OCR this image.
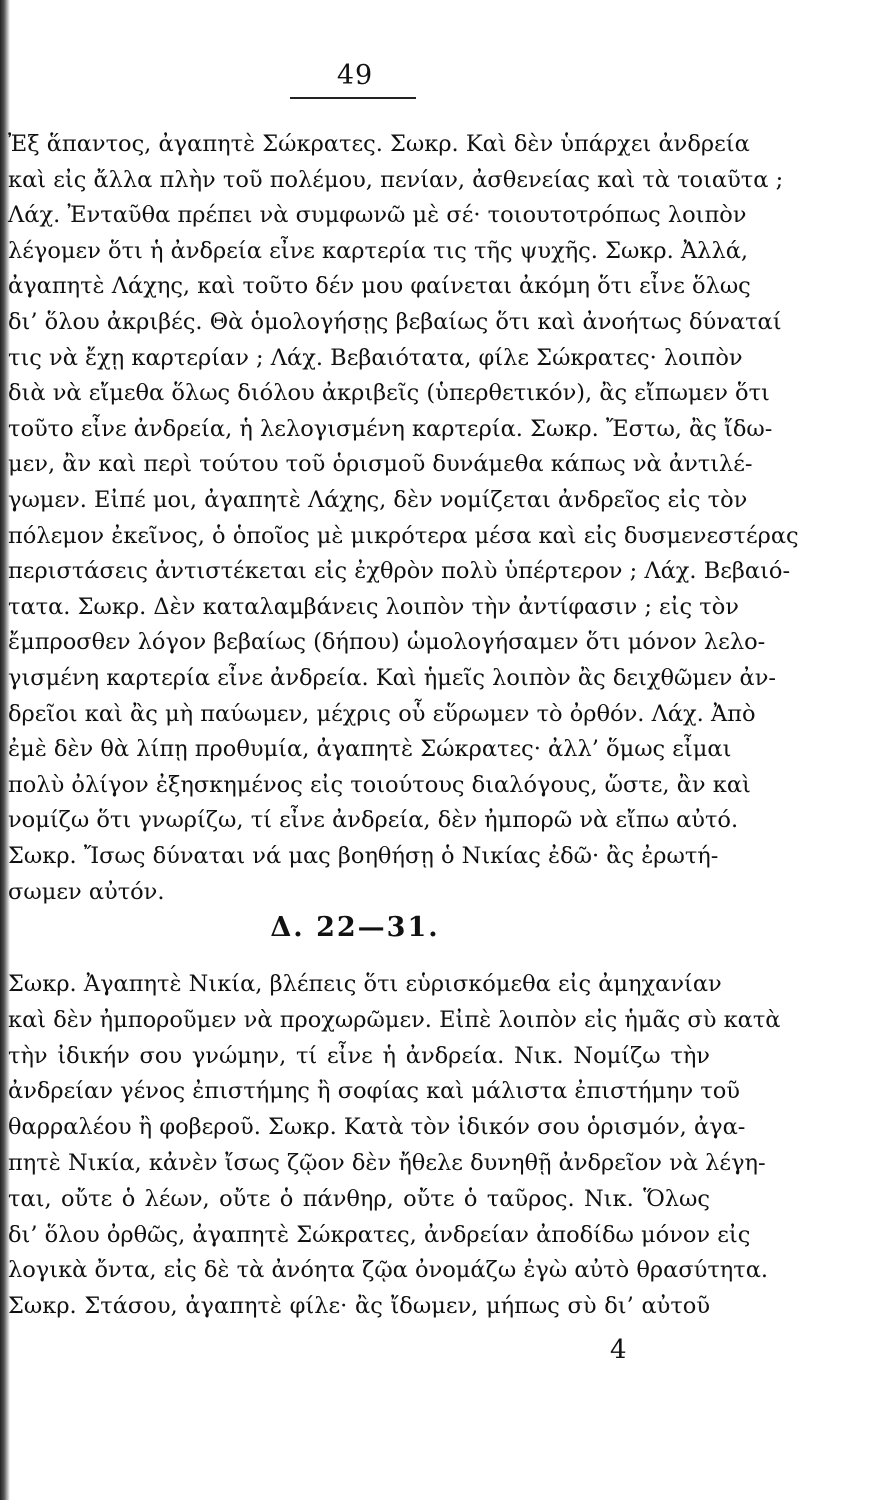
49
Ἐξ ἅπαντος, ἀγαπητὲ Σώκρατες. Σωκρ. Καὶ δὲν ὑπάρχει ἀνδρεία
καὶ εἰς ἄλλα πλὴν τοῦ πολέμου, πενίαν, ἀσθενείας καὶ τὰ τοιαῦτα ;
Λάχ. Ἐνταῦθα πρέπει νὰ συμφωνῶ μὲ σέ· τοιουτοτρόπως λοιπὸν
λέγομεν ὅτι ἡ ἀνδρεία εἶνε καρτερία τις τῆς ψυχῆς. Σωκρ. Ἀλλά,
ἀγαπητὲ Λάχης, καὶ τοῦτο δέν μου φαίνεται ἀκόμη ὅτι εἶνε ὅλως
δι’ ὅλου ἀκριβές. Θὰ ὁμολογήσῃς βεβαίως ὅτι καὶ ἀνοήτως δύναταί
τις νὰ ἔχῃ καρτερίαν ; Λάχ. Βεβαιότατα, φίλε Σώκρατες· λοιπὸν
διὰ νὰ εἴμεθα ὅλως διόλου ἀκριβεῖς (ὑπερθετικόν), ἂς εἴπωμεν ὅτι
τοῦτο εἶνε ἀνδρεία, ἡ λελογισμένη καρτερία. Σωκρ. Ἔστω, ἂς ἴδω-
μεν, ἂν καὶ περὶ τούτου τοῦ ὁρισμοῦ δυνάμεθα κάπως νὰ ἀντιλέ-
γωμεν. Εἰπέ μοι, ἀγαπητὲ Λάχης, δὲν νομίζεται ἀνδρεῖος εἰς τὸν
πόλεμον ἐκεῖνος, ὁ ὁποῖος μὲ μικρότερα μέσα καὶ εἰς δυσμενεστέρας
περιστάσεις ἀντιστέκεται εἰς ἐχθρὸν πολὺ ὑπέρτερον ; Λάχ. Βεβαιό-
τατα. Σωκρ. Δὲν καταλαμβάνεις λοιπὸν τὴν ἀντίφασιν ; εἰς τὸν
ἔμπροσθεν λόγον βεβαίως (δήπου) ὡμολογήσαμεν ὅτι μόνον λελο-
γισμένη καρτερία εἶνε ἀνδρεία. Καὶ ἡμεῖς λοιπὸν ἂς δειχθῶμεν ἀν-
δρεῖοι καὶ ἂς μὴ παύωμεν, μέχρις οὗ εὕρωμεν τὸ ὀρθόν. Λάχ. Ἀπὸ
ἐμὲ δὲν θὰ λίπῃ προθυμία, ἀγαπητὲ Σώκρατες· ἀλλ’ ὅμως εἶμαι
πολὺ ὀλίγον ἐξησκημένος εἰς τοιούτους διαλόγους, ὥστε, ἂν καὶ
νομίζω ὅτι γνωρίζω, τί εἶνε ἀνδρεία, δὲν ἠμπορῶ νὰ εἴπω αὐτό.
Σωκρ. Ἴσως δύναται νά μας βοηθήσῃ ὁ Νικίας ἐδῶ· ἂς ἐρωτή-
σωμεν αὐτόν.
Δ. 22—31.
Σωκρ. Ἀγαπητὲ Νικία, βλέπεις ὅτι εὑρισκόμεθα εἰς ἀμηχανίαν
καὶ δὲν ἠμποροῦμεν νὰ προχωρῶμεν. Εἰπὲ λοιπὸν εἰς ἡμᾶς σὺ κατὰ
τὴν ἰδικήν σου γνώμην, τί εἶνε ἡ ἀνδρεία. Νικ. Νομίζω τὴν
ἀνδρείαν γένος ἐπιστήμης ἢ σοφίας καὶ μάλιστα ἐπιστήμην τοῦ
θαρραλέου ἢ φοβεροῦ. Σωκρ. Κατὰ τὸν ἰδικόν σου ὁρισμόν, ἀγα-
πητὲ Νικία, κἀνὲν ἴσως ζῷον δὲν ἤθελε δυνηθῇ ἀνδρεῖον νὰ λέγη-
ται, οὔτε ὁ λέων, οὔτε ὁ πάνθηρ, οὔτε ὁ ταῦρος. Νικ. Ὅλως
δι’ ὅλου ὀρθῶς, ἀγαπητὲ Σώκρατες, ἀνδρείαν ἀποδίδω μόνον εἰς
λογικὰ ὄντα, εἰς δὲ τὰ ἀνόητα ζῷα ὀνομάζω ἐγὼ αὐτὸ θρασύτητα.
Σωκρ. Στάσου, ἀγαπητὲ φίλε· ἂς ἴδωμεν, μήπως σὺ δι’ αὐτοῦ
4
